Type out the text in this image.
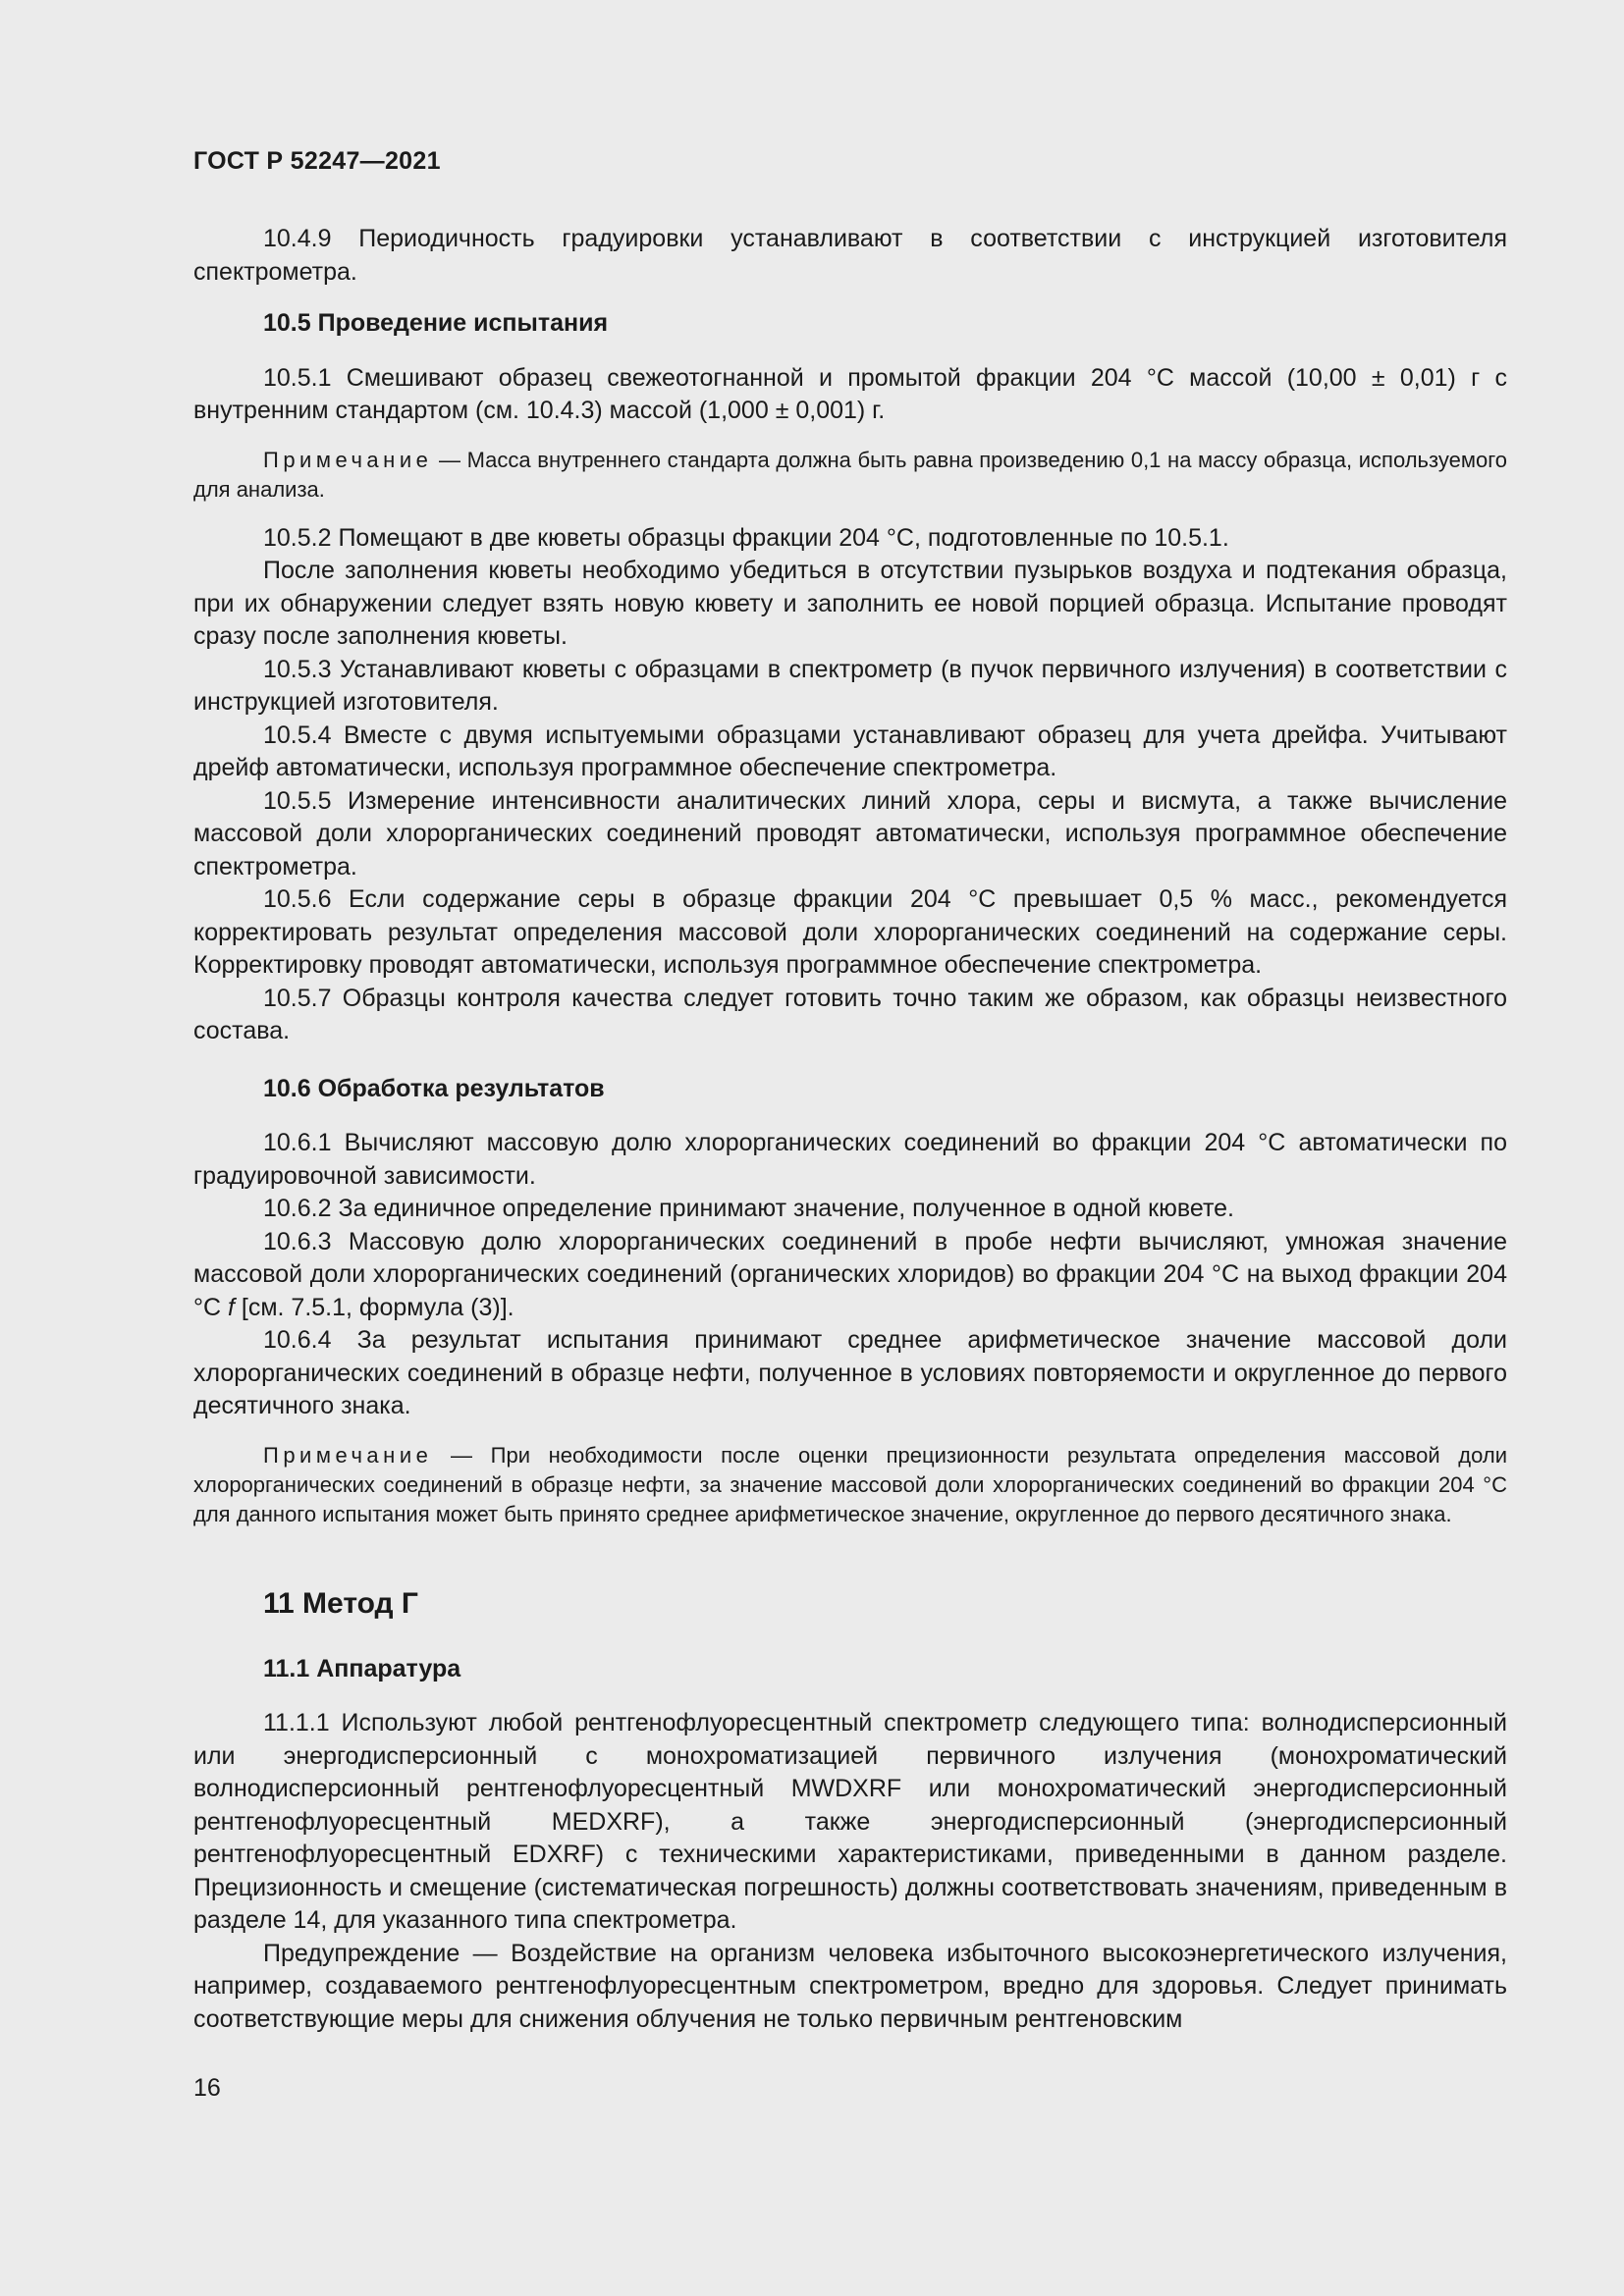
ГОСТ Р 52247—2021

10.4.9 Периодичность градуировки устанавливают в соответствии с инструкцией изготовителя спектрометра.

10.5 Проведение испытания

10.5.1 Смешивают образец свежеотогнанной и промытой фракции 204 °С массой (10,00 ± 0,01) г с внутренним стандартом (см. 10.4.3) массой (1,000 ± 0,001) г.

Примечание — Масса внутреннего стандарта должна быть равна произведению 0,1 на массу образца, используемого для анализа.

10.5.2 Помещают в две кюветы образцы фракции 204 °С, подготовленные по 10.5.1.

После заполнения кюветы необходимо убедиться в отсутствии пузырьков воздуха и подтекания образца, при их обнаружении следует взять новую кювету и заполнить ее новой порцией образца. Испытание проводят сразу после заполнения кюветы.

10.5.3 Устанавливают кюветы с образцами в спектрометр (в пучок первичного излучения) в соответствии с инструкцией изготовителя.

10.5.4 Вместе с двумя испытуемыми образцами устанавливают образец для учета дрейфа. Учитывают дрейф автоматически, используя программное обеспечение спектрометра.

10.5.5 Измерение интенсивности аналитических линий хлора, серы и висмута, а также вычисление массовой доли хлорорганических соединений проводят автоматически, используя программное обеспечение спектрометра.

10.5.6 Если содержание серы в образце фракции 204 °С превышает 0,5 % масс., рекомендуется корректировать результат определения массовой доли хлорорганических соединений на содержание серы. Корректировку проводят автоматически, используя программное обеспечение спектрометра.

10.5.7 Образцы контроля качества следует готовить точно таким же образом, как образцы неизвестного состава.

10.6 Обработка результатов

10.6.1 Вычисляют массовую долю хлорорганических соединений во фракции 204 °С автоматически по градуировочной зависимости.

10.6.2 За единичное определение принимают значение, полученное в одной кювете.

10.6.3 Массовую долю хлорорганических соединений в пробе нефти вычисляют, умножая значение массовой доли хлорорганических соединений (органических хлоридов) во фракции 204 °С на выход фракции 204 °С f [см. 7.5.1, формула (3)].

10.6.4 За результат испытания принимают среднее арифметическое значение массовой доли хлорорганических соединений в образце нефти, полученное в условиях повторяемости и округленное до первого десятичного знака.

Примечание — При необходимости после оценки прецизионности результата определения массовой доли хлорорганических соединений в образце нефти, за значение массовой доли хлорорганических соединений во фракции 204 °С для данного испытания может быть принято среднее арифметическое значение, округленное до первого десятичного знака.
11 Метод Г
11.1 Аппаратура

11.1.1 Используют любой рентгенофлуоресцентный спектрометр следующего типа: волнодисперсионный или энергодисперсионный с монохроматизацией первичного излучения (монохроматический волнодисперсионный рентгенофлуоресцентный MWDXRF или монохроматический энергодисперсионный рентгенофлуоресцентный MEDXRF), а также энергодисперсионный (энергодисперсионный рентгенофлуоресцентный EDXRF) с техническими характеристиками, приведенными в данном разделе. Прецизионность и смещение (систематическая погрешность) должны соответствовать значениям, приведенным в разделе 14, для указанного типа спектрометра.

Предупреждение — Воздействие на организм человека избыточного высокоэнергетического излучения, например, создаваемого рентгенофлуоресцентным спектрометром, вредно для здоровья. Следует принимать соответствующие меры для снижения облучения не только первичным рентгеновским

16
